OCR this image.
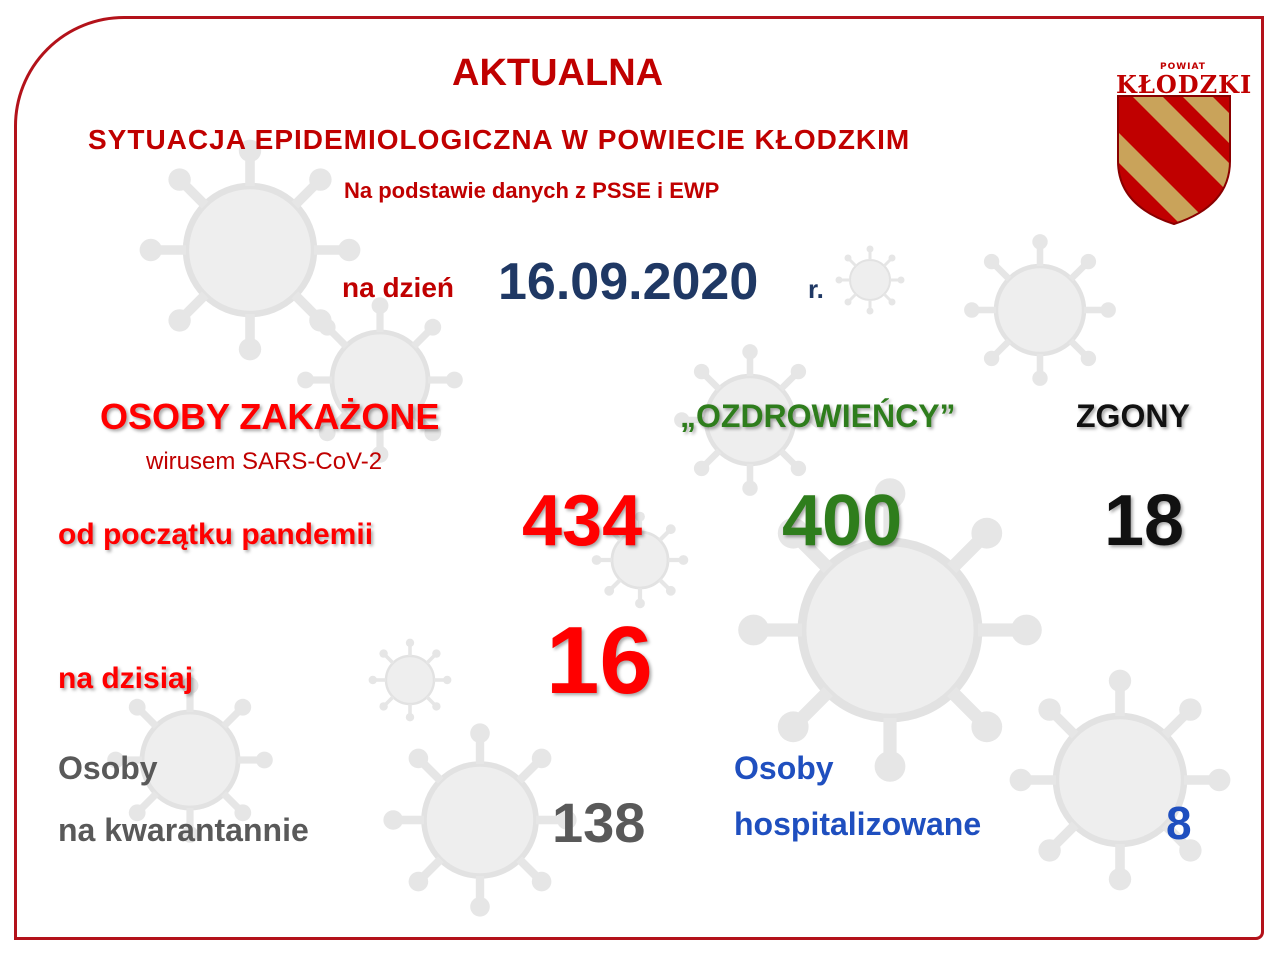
POWIAT
KŁODZKI
AKTUALNA
SYTUACJA EPIDEMIOLOGICZNA W POWIECIE KŁODZKIM
Na podstawie danych z PSSE i EWP
na dzień 16.09.2020 r.
OSOBY ZAKAŻONE
wirusem SARS-CoV-2
od początku pandemii 434
na dzisiaj	16
„OZDROWIEŃCY”
400
ZGONY
18
Osoby
na kwarantannie	138
Osoby
hospitalizowane	8
